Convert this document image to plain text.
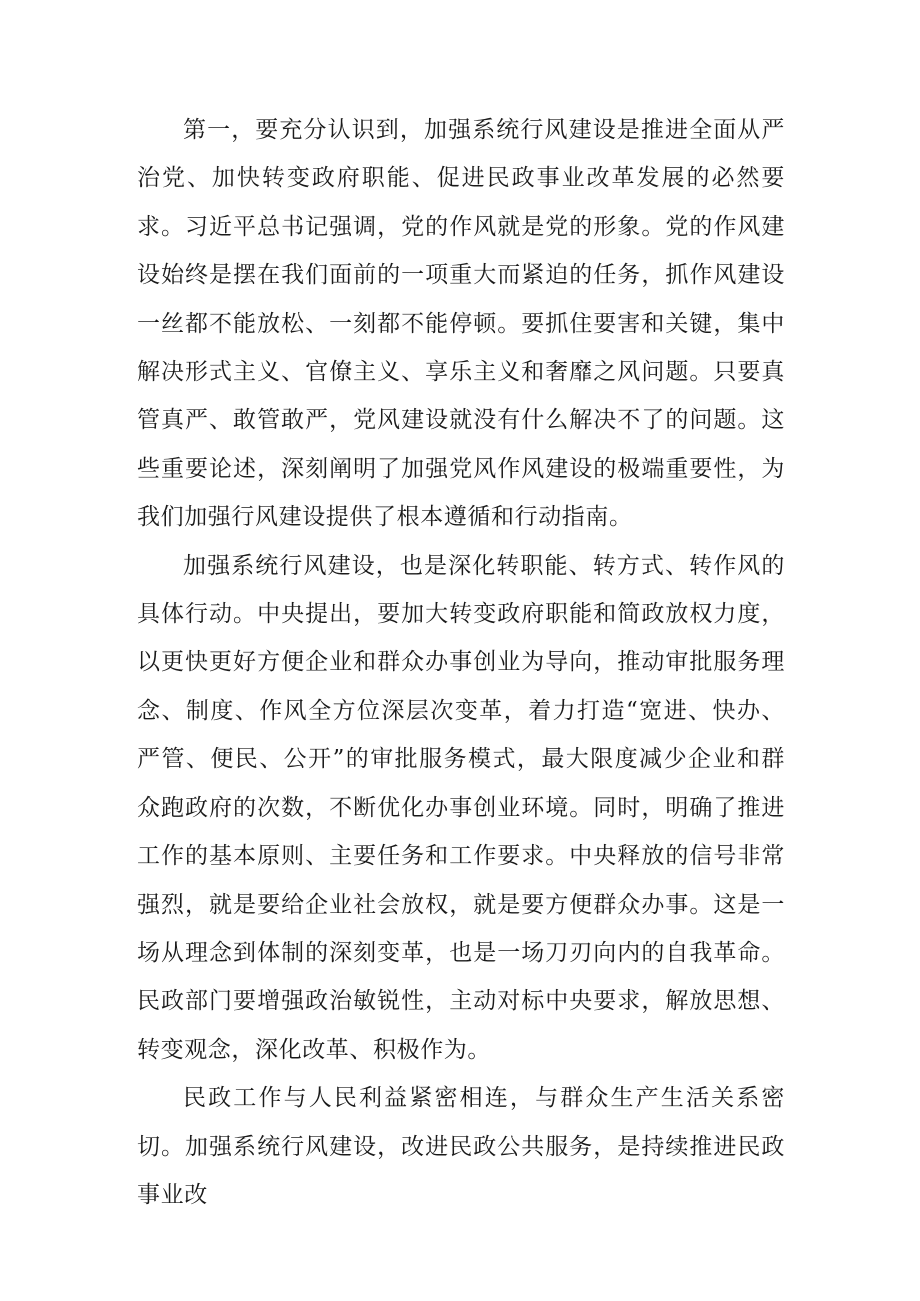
第一，要充分认识到，加强系统行风建设是推进全面从严治党、加快转变政府职能、促进民政事业改革发展的必然要求。习近平总书记强调，党的作风就是党的形象。党的作风建设始终是摆在我们面前的一项重大而紧迫的任务，抓作风建设一丝都不能放松、一刻都不能停顿。要抓住要害和关键，集中解决形式主义、官僚主义、享乐主义和奢靡之风问题。只要真管真严、敢管敢严，党风建设就没有什么解决不了的问题。这些重要论述，深刻阐明了加强党风作风建设的极端重要性，为我们加强行风建设提供了根本遵循和行动指南。

加强系统行风建设，也是深化转职能、转方式、转作风的具体行动。中央提出，要加大转变政府职能和简政放权力度，以更快更好方便企业和群众办事创业为导向，推动审批服务理念、制度、作风全方位深层次变革，着力打造“宽进、快办、严管、便民、公开”的审批服务模式，最大限度减少企业和群众跑政府的次数，不断优化办事创业环境。同时，明确了推进工作的基本原则、主要任务和工作要求。中央释放的信号非常强烈，就是要给企业社会放权，就是要方便群众办事。这是一场从理念到体制的深刻变革，也是一场刀刃向内的自我革命。民政部门要增强政治敏锐性，主动对标中央要求，解放思想、转变观念，深化改革、积极作为。

民政工作与人民利益紧密相连，与群众生产生活关系密切。加强系统行风建设，改进民政公共服务，是持续推进民政事业改
